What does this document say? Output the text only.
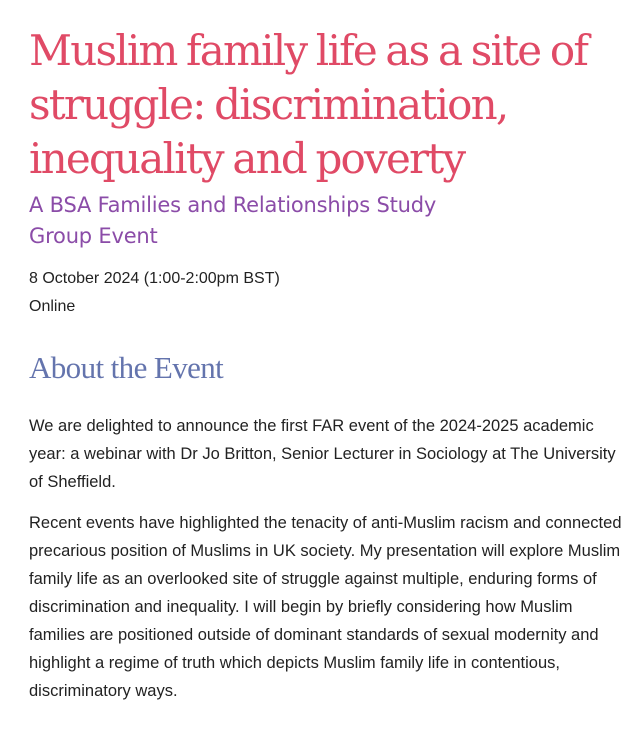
Muslim family life as a site of struggle: discrimination, inequality and poverty
A BSA Families and Relationships Study Group Event
8 October 2024 (1:00-2:00pm BST)
Online
About the Event

We are delighted to announce the first FAR event of the 2024-2025 academic year: a webinar with Dr Jo Britton, Senior Lecturer in Sociology at The University of Sheffield.

Recent events have highlighted the tenacity of anti-Muslim racism and connected precarious position of Muslims in UK society. My presentation will explore Muslim family life as an overlooked site of struggle against multiple, enduring forms of discrimination and inequality. I will begin by briefly considering how Muslim families are positioned outside of dominant standards of sexual modernity and highlight a regime of truth which depicts Muslim family life in contentious, discriminatory ways.
